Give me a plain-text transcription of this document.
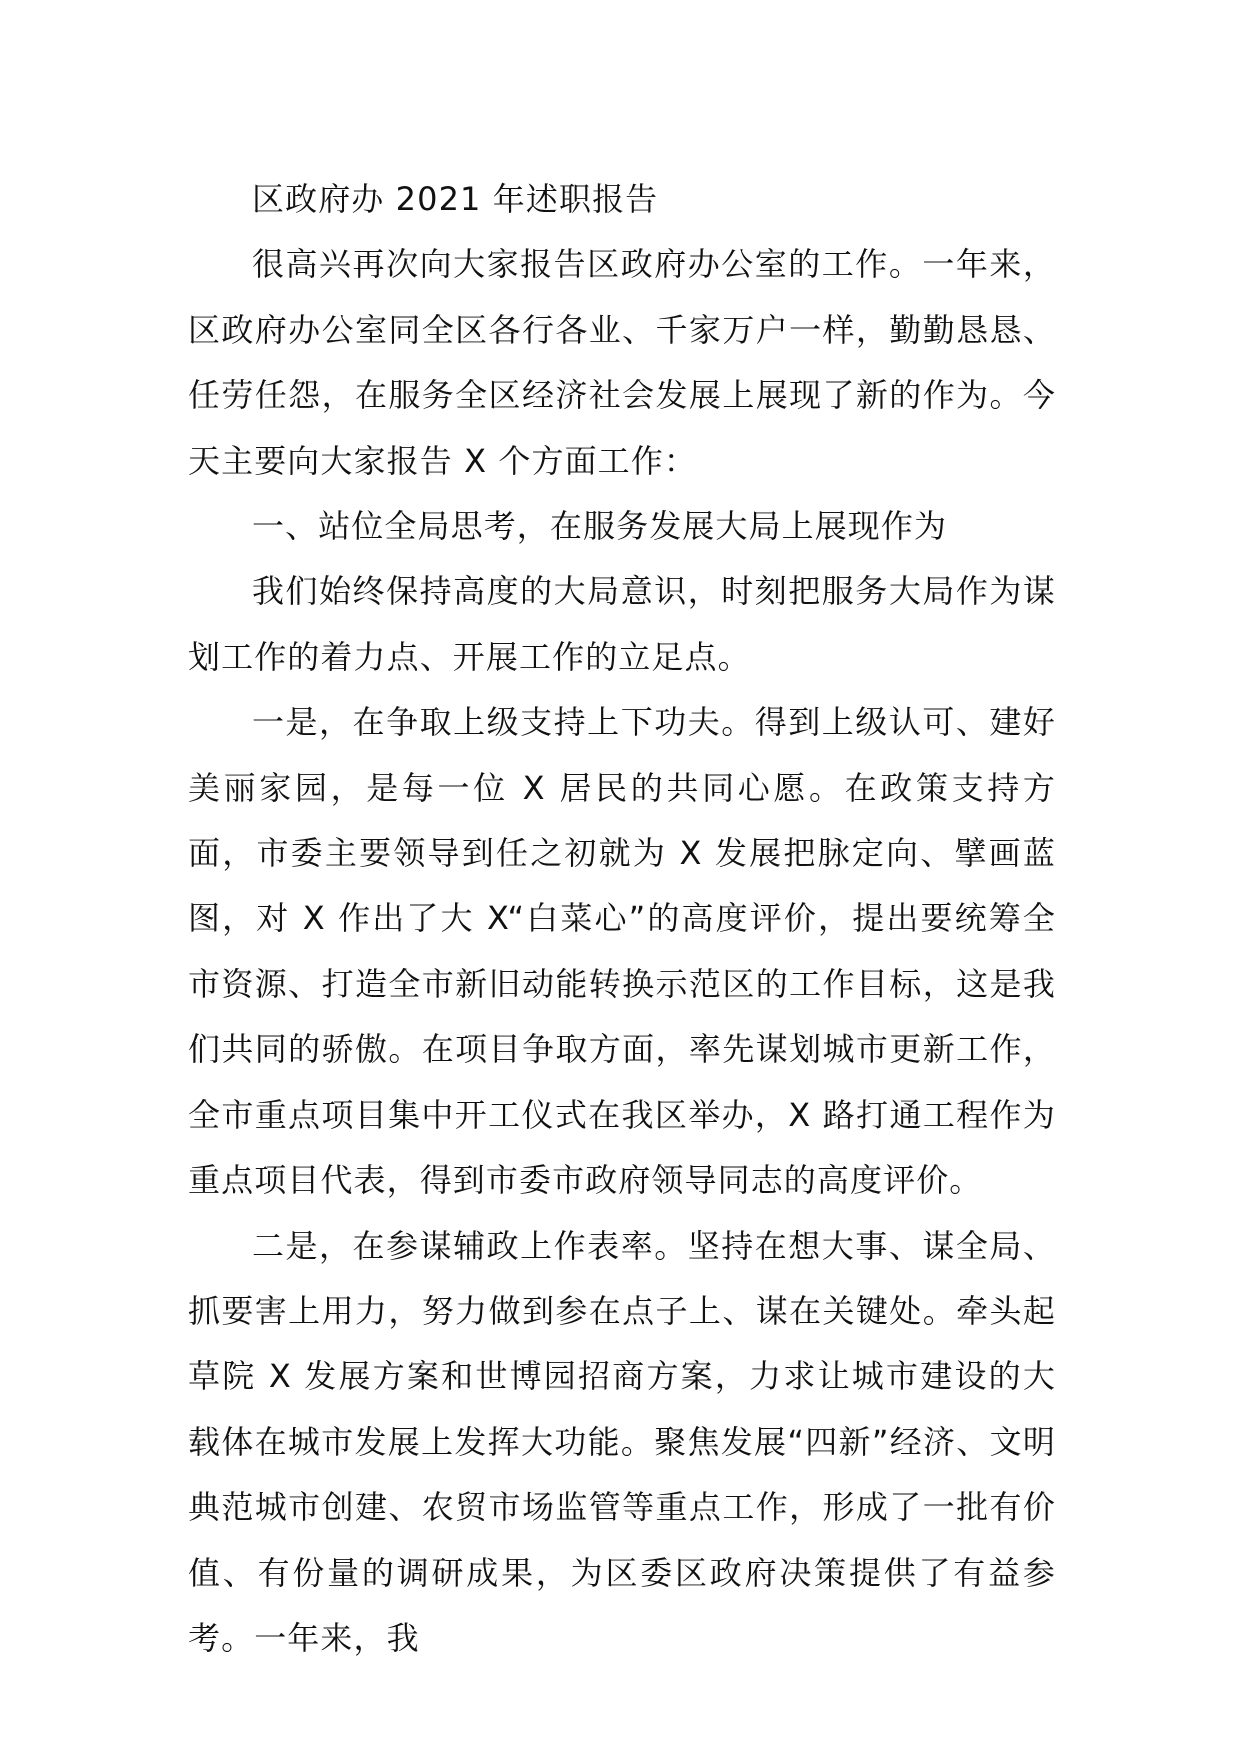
区政府办 2021 年述职报告

很高兴再次向大家报告区政府办公室的工作。一年来，区政府办公室同全区各行各业、千家万户一样，勤勤恳恳、任劳任怨，在服务全区经济社会发展上展现了新的作为。今天主要向大家报告 X 个方面工作：

一、站位全局思考，在服务发展大局上展现作为

我们始终保持高度的大局意识，时刻把服务大局作为谋划工作的着力点、开展工作的立足点。

一是，在争取上级支持上下功夫。得到上级认可、建好美丽家园，是每一位 X 居民的共同心愿。在政策支持方面，市委主要领导到任之初就为 X 发展把脉定向、擘画蓝图，对 X 作出了大 X“白菜心”的高度评价，提出要统筹全市资源、打造全市新旧动能转换示范区的工作目标，这是我们共同的骄傲。在项目争取方面，率先谋划城市更新工作，全市重点项目集中开工仪式在我区举办，X 路打通工程作为重点项目代表，得到市委市政府领导同志的高度评价。

二是，在参谋辅政上作表率。坚持在想大事、谋全局、抓要害上用力，努力做到参在点子上、谋在关键处。牵头起草院 X 发展方案和世博园招商方案，力求让城市建设的大载体在城市发展上发挥大功能。聚焦发展“四新”经济、文明典范城市创建、农贸市场监管等重点工作，形成了一批有价值、有份量的调研成果，为区委区政府决策提供了有益参考。一年来，我
